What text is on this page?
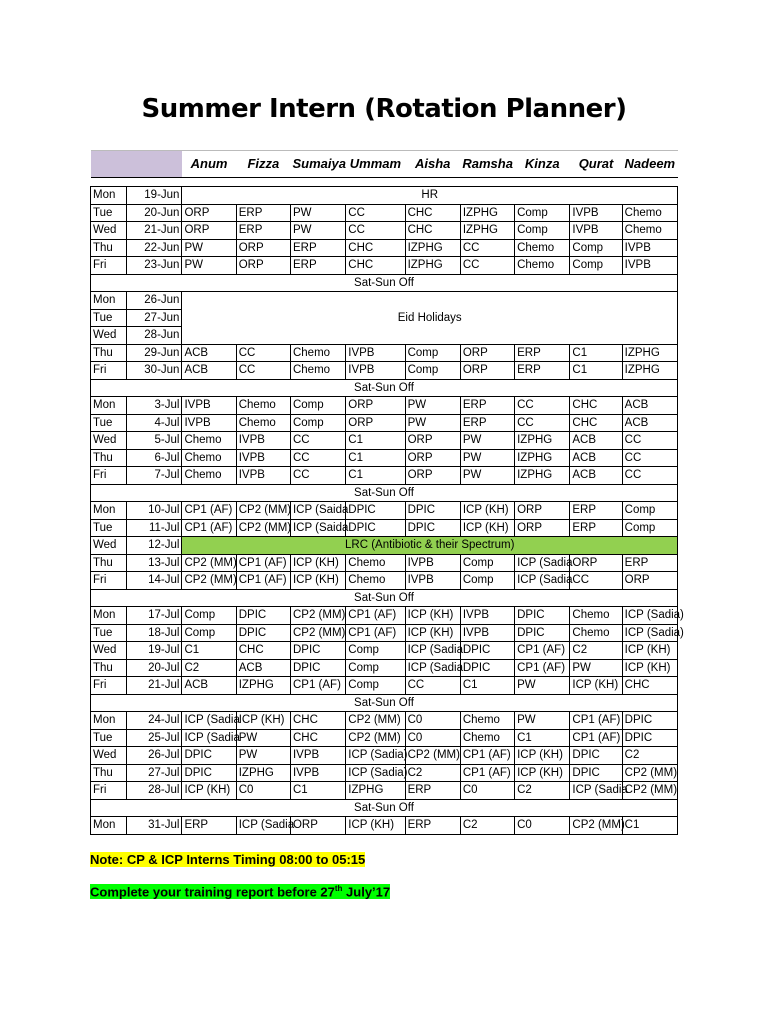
Summer Intern (Rotation Planner)
		Anum	Fizza	Sumaiya	Ummam	Aisha	Ramsha	Kinza	Qurat	Nadeem

Mon	19-Jun	HR								
Tue	20-Jun	ORP	ERP	PW	CC	CHC	IZPHG	Comp	IVPB	Chemo
Wed	21-Jun	ORP	ERP	PW	CC	CHC	IZPHG	Comp	IVPB	Chemo
Thu	22-Jun	PW	ORP	ERP	CHC	IZPHG	CC	Chemo	Comp	IVPB
Fri	23-Jun	PW	ORP	ERP	CHC	IZPHG	CC	Chemo	Comp	IVPB
Sat-Sun Off										
Mon	26-Jun	Eid Holidays								
Tue	27-Jun									
Wed	28-Jun									
Thu	29-Jun	ACB	CC	Chemo	IVPB	Comp	ORP	ERP	C1	IZPHG
Fri	30-Jun	ACB	CC	Chemo	IVPB	Comp	ORP	ERP	C1	IZPHG
Sat-Sun Off										
Mon	3-Jul	IVPB	Chemo	Comp	ORP	PW	ERP	CC	CHC	ACB
Tue	4-Jul	IVPB	Chemo	Comp	ORP	PW	ERP	CC	CHC	ACB
Wed	5-Jul	Chemo	IVPB	CC	C1	ORP	PW	IZPHG	ACB	CC
Thu	6-Jul	Chemo	IVPB	CC	C1	ORP	PW	IZPHG	ACB	CC
Fri	7-Jul	Chemo	IVPB	CC	C1	ORP	PW	IZPHG	ACB	CC
Sat-Sun Off										
Mon	10-Jul	CP1 (AF)	CP2 (MM)	ICP (Saida	DPIC	DPIC	ICP (KH)	ORP	ERP	Comp
Tue	11-Jul	CP1 (AF)	CP2 (MM)	ICP (Saida	DPIC	DPIC	ICP (KH)	ORP	ERP	Comp
Wed	12-Jul	LRC (Antibiotic & their Spectrum)								
Thu	13-Jul	CP2 (MM)	CP1 (AF)	ICP (KH)	Chemo	IVPB	Comp	ICP (Sadia	ORP	ERP
Fri	14-Jul	CP2 (MM)	CP1 (AF)	ICP (KH)	Chemo	IVPB	Comp	ICP (Sadia	CC	ORP
Sat-Sun Off										
Mon	17-Jul	Comp	DPIC	CP2 (MM)	CP1 (AF)	ICP (KH)	IVPB	DPIC	Chemo	ICP (Sadia)
Tue	18-Jul	Comp	DPIC	CP2 (MM)	CP1 (AF)	ICP (KH)	IVPB	DPIC	Chemo	ICP (Sadia)
Wed	19-Jul	C1	CHC	DPIC	Comp	ICP (Sadia	DPIC	CP1 (AF)	C2	ICP (KH)
Thu	20-Jul	C2	ACB	DPIC	Comp	ICP (Sadia	DPIC	CP1 (AF)	PW	ICP (KH)
Fri	21-Jul	ACB	IZPHG	CP1 (AF)	Comp	CC	C1	PW	ICP (KH)	CHC
Sat-Sun Off										
Mon	24-Jul	ICP (Sadia	ICP (KH)	CHC	CP2 (MM)	C0	Chemo	PW	CP1 (AF)	DPIC
Tue	25-Jul	ICP (Sadia	PW	CHC	CP2 (MM)	C0	Chemo	C1	CP1 (AF)	DPIC
Wed	26-Jul	DPIC	PW	IVPB	ICP (Sadia)	CP2 (MM)	CP1 (AF)	ICP (KH)	DPIC	C2
Thu	27-Jul	DPIC	IZPHG	IVPB	ICP (Sadia)	C2	CP1 (AF)	ICP (KH)	DPIC	CP2 (MM)
Fri	28-Jul	ICP (KH)	C0	C1	IZPHG	ERP	C0	C2	ICP (Sadia	CP2 (MM)
Sat-Sun Off										
Mon	31-Jul	ERP	ICP (Sadia	ORP	ICP (KH)	ERP	C2	C0	CP2 (MM)	C1
Note: CP & ICP Interns Timing 08:00 to 05:15
Complete your training report before 27th July’17
